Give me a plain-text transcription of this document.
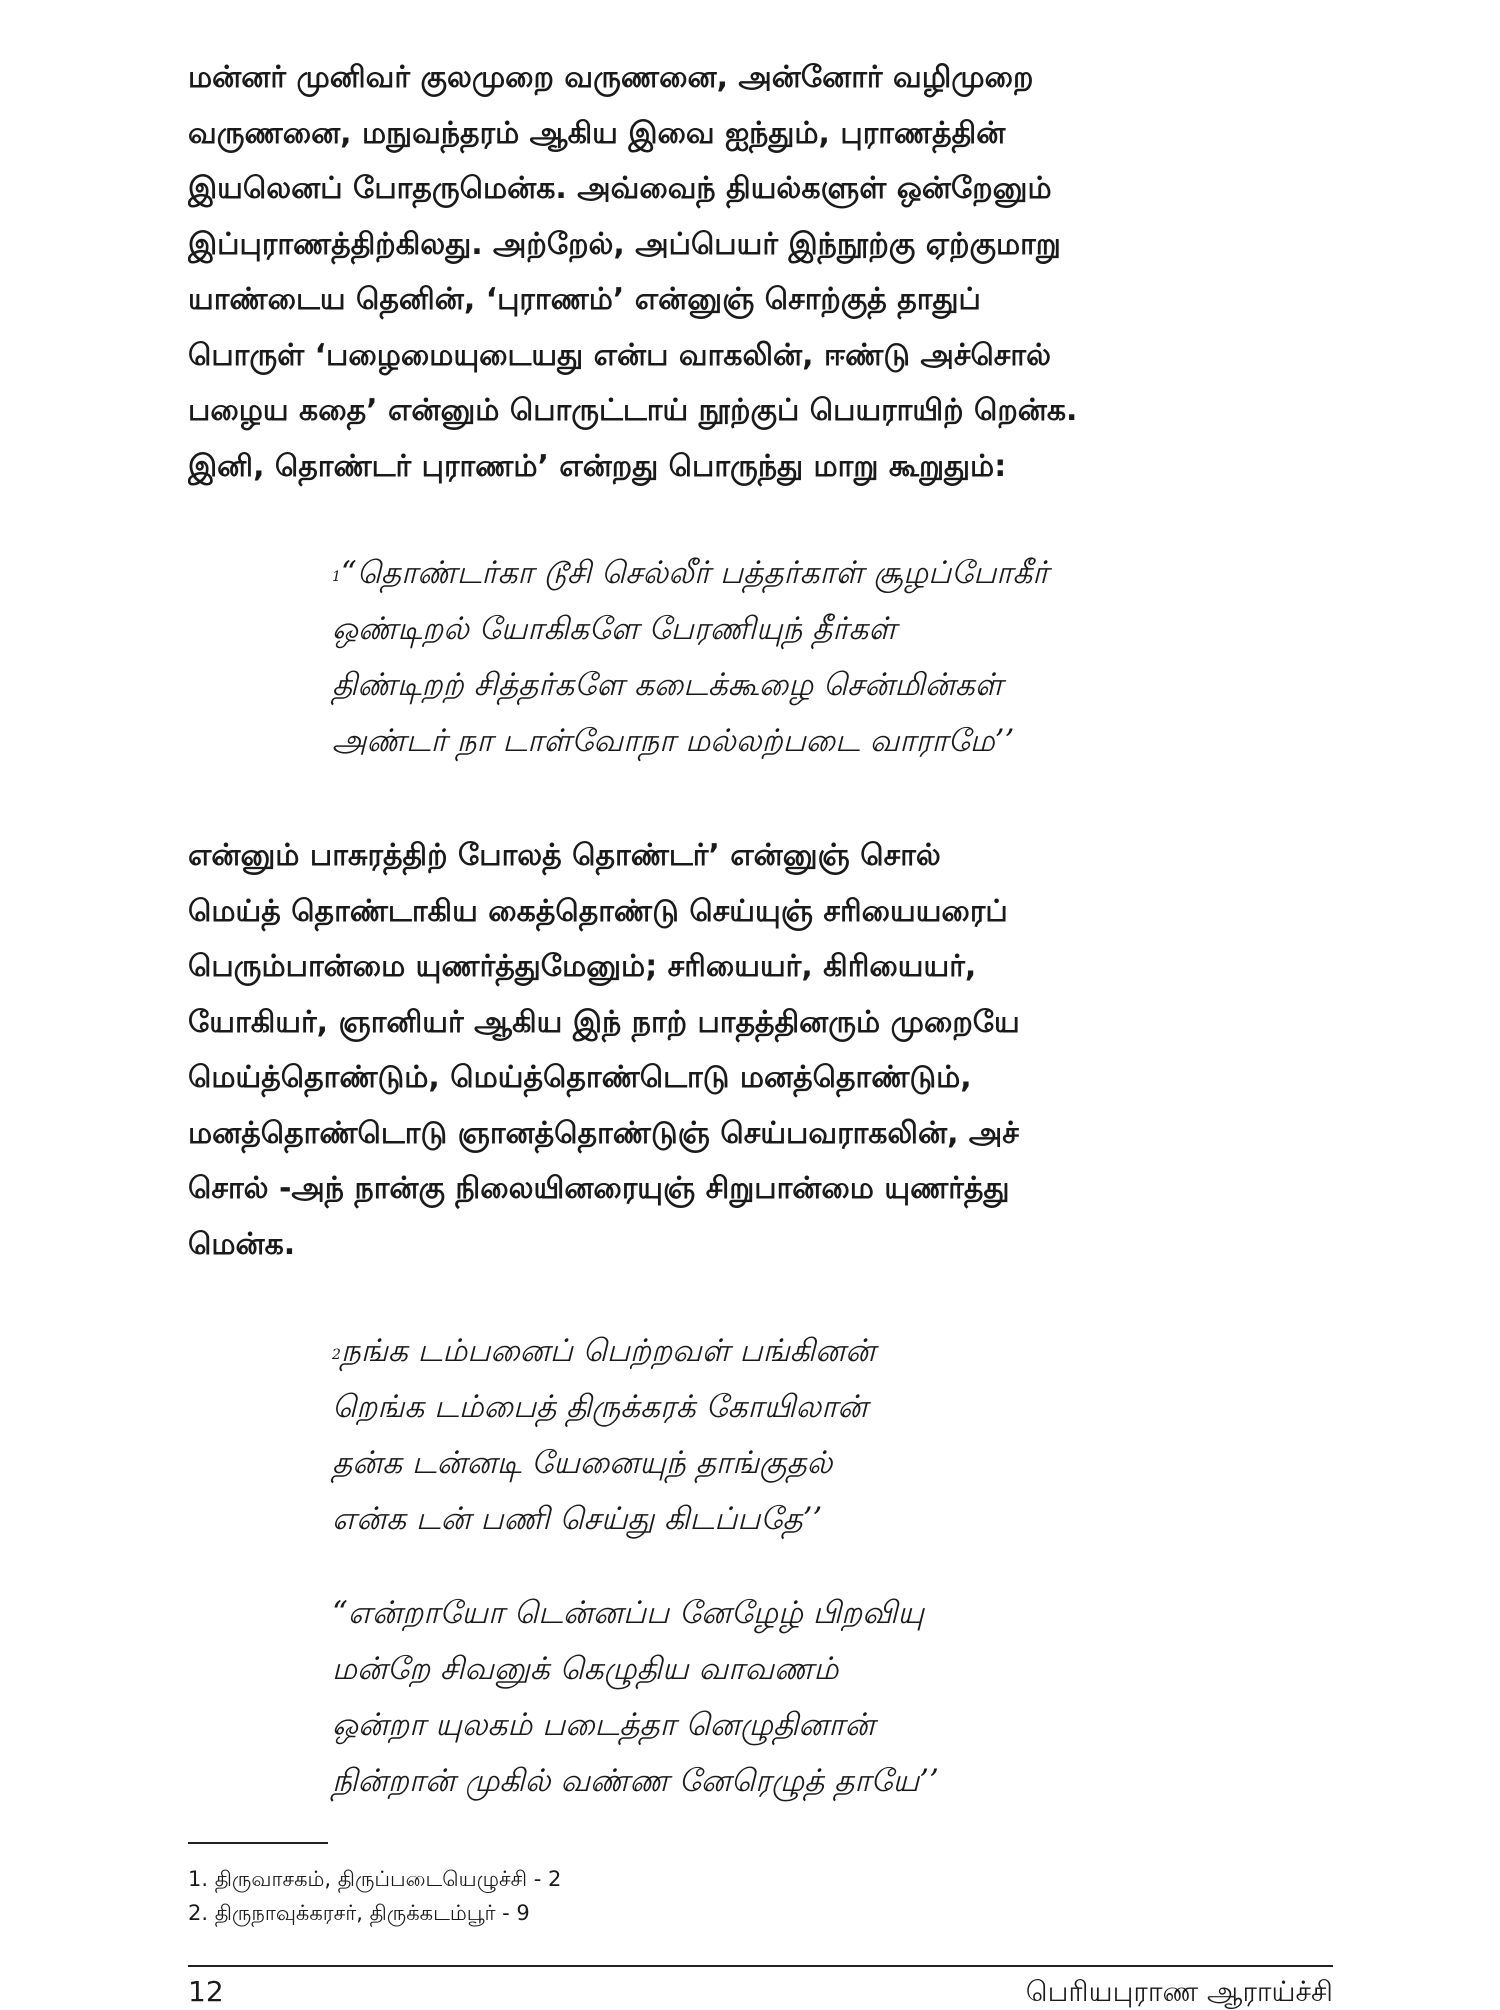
மன்னர் முனிவர் குலமுறை வருணனை, அன்னோர் வழிமுறை
வருணனை, மநுவந்தரம் ஆகிய இவை ஐந்தும், புராணத்தின்
இயலெனப் போதருமென்க. அவ்வைந் தியல்களுள் ஒன்றேனும்
இப்புராணத்திற்கிலது. அற்றேல், அப்பெயர் இந்நூற்கு ஏற்குமாறு
யாண்டைய தெனின், ‘புராணம்’ என்னுஞ் சொற்குத் தாதுப்
பொருள் ‘பழைமையுடையது என்ப வாகலின், ஈண்டு அச்சொல்
பழைய கதை’ என்னும் பொருட்டாய் நூற்குப் பெயராயிற் றென்க.
இனி, தொண்டர் புராணம்’ என்றது பொருந்து மாறு கூறுதும்:
$^1$“தொண்டர்கா டூசி செல்லீர் பத்தர்காள் சூழப்போகீர்
ஒண்டிறல் யோகிகளே பேரணியுந் தீர்கள்
திண்டிறற் சித்தர்களே கடைக்கூழை சென்மின்கள்
அண்டர் நா டாள்வோநா மல்லற்படை வாராமே’’
என்னும் பாசுரத்திற் போலத் தொண்டர்’ என்னுஞ் சொல்
மெய்த் தொண்டாகிய கைத்தொண்டு செய்யுஞ் சரியையரைப்
பெரும்பான்மை யுணர்த்துமேனும்; சரியையர், கிரியையர்,
யோகியர், ஞானியர் ஆகிய இந் நாற் பாதத்தினரும் முறையே
மெய்த்தொண்டும், மெய்த்தொண்டொடு மனத்தொண்டும்,
மனத்தொண்டொடு ஞானத்தொண்டுஞ் செய்பவராகலின், அச்
சொல் -அந் நான்கு நிலையினரையுஞ் சிறுபான்மை யுணர்த்து
மென்க.
$^2$நங்க டம்பனைப் பெற்றவள் பங்கினன்
றெங்க டம்பைத் திருக்கரக் கோயிலான்
தன்க டன்னடி யேனையுந் தாங்குதல்
என்க டன் பணி செய்து கிடப்பதே’’
“என்றாயோ டென்னப்ப னேழேழ் பிறவியு
மன்றே சிவனுக் கெழுதிய வாவணம்
ஒன்றா யுலகம் படைத்தா னெழுதினான்
நின்றான் முகில் வண்ண னேரெழுத் தாயே’’
1. திருவாசகம், திருப்படையெழுச்சி - 2
2. திருநாவுக்கரசர், திருக்கடம்பூர் - 9
12	பெரியபுராண ஆராய்ச்சி
